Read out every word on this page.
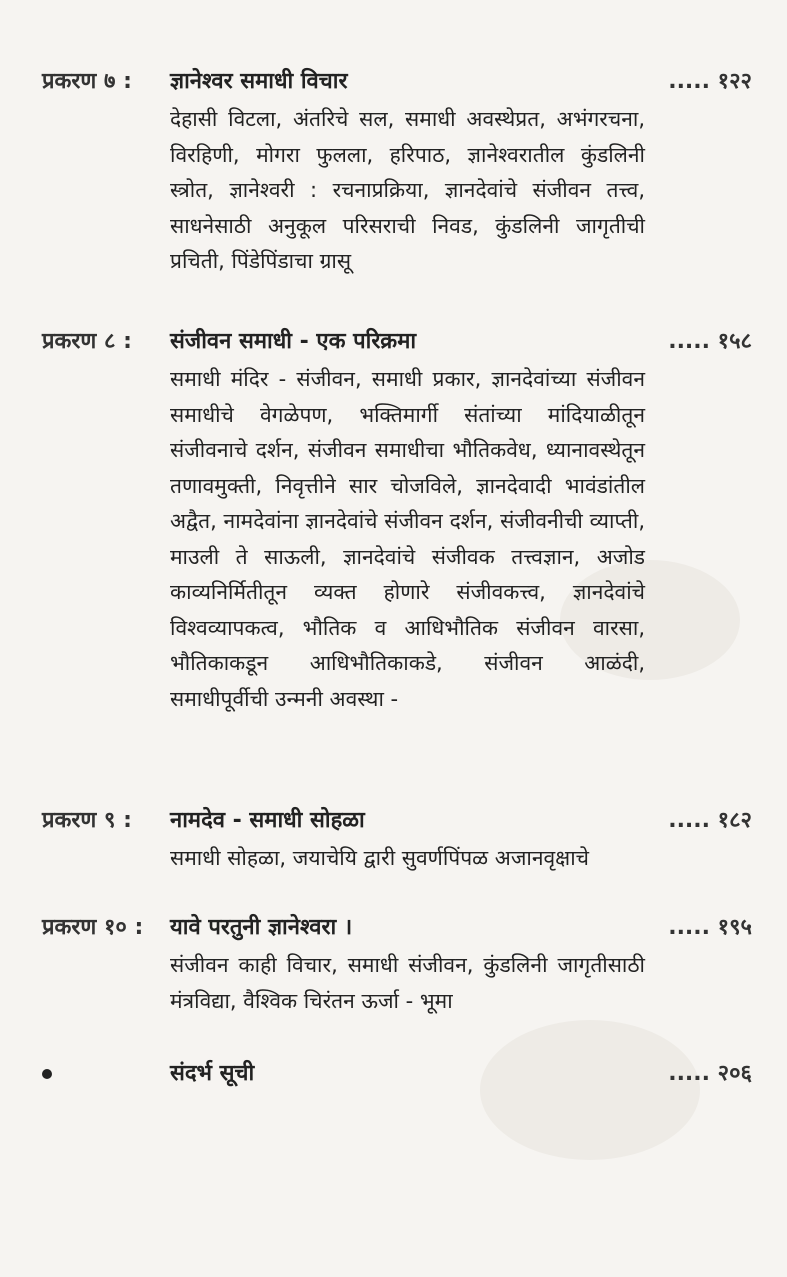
प्रकरण ७ : ज्ञानेश्वर समाधी विचार	..... १२२
देहासी विटला, अंतरिचे सल, समाधी अवस्थेप्रत, अभंगरचना, विरहिणी, मोगरा फुलला, हरिपाठ, ज्ञानेश्वरातील कुंडलिनी स्त्रोत, ज्ञानेश्वरी : रचनाप्रक्रिया, ज्ञानदेवांचे संजीवन तत्त्व, साधनेसाठी अनुकूल परिसराची निवड, कुंडलिनी जागृतीची प्रचिती, पिंडेपिंडाचा ग्रासू
प्रकरण ८ : संजीवन समाधी - एक परिक्रमा	..... १५८
समाधी मंदिर - संजीवन, समाधी प्रकार, ज्ञानदेवांच्या संजीवन समाधीचे वेगळेपण, भक्तिमार्गी संतांच्या मांदियाळीतून संजीवनाचे दर्शन, संजीवन समाधीचा भौतिकवेध, ध्यानावस्थेतून तणावमुक्ती, निवृत्तीने सार चोजविले, ज्ञानदेवादी भावंडांतील अद्वैत, नामदेवांना ज्ञानदेवांचे संजीवन दर्शन, संजीवनीची व्याप्ती, माउली ते साऊली, ज्ञानदेवांचे संजीवक तत्त्वज्ञान, अजोड काव्यनिर्मितीतून व्यक्त होणारे संजीवकत्त्व, ज्ञानदेवांचे विश्वव्यापकत्व, भौतिक व आधिभौतिक संजीवन वारसा, भौतिकाकडून आधिभौतिकाकडे, संजीवन आळंदी, समाधीपूर्वीची उन्मनी अवस्था -
प्रकरण ९ : नामदेव - समाधी सोहळा	..... १८२
समाधी सोहळा, जयाचेयि द्वारी सुवर्णपिंपळ अजानवृक्षाचे
प्रकरण १० : यावे परतुनी ज्ञानेश्वरा ।	..... १९५
संजीवन काही विचार, समाधी संजीवन, कुंडलिनी जागृतीसाठी मंत्रविद्या, वैश्विक चिरंतन ऊर्जा - भूमा
संदर्भ सूची	..... २०६
